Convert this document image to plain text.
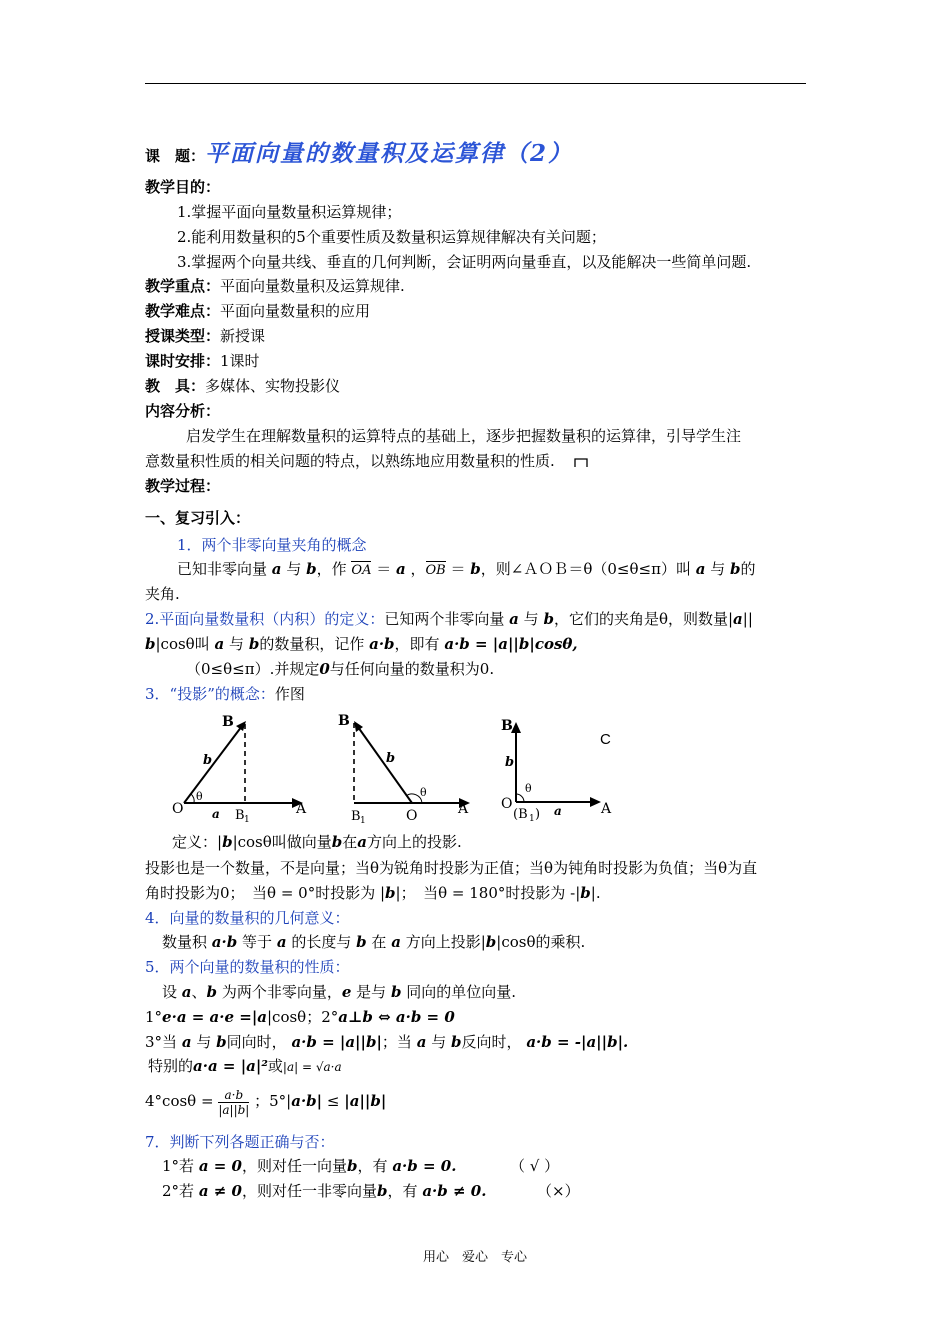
课　题：平面向量的数量积及运算律（2）
教学目的：
1.掌握平面向量数量积运算规律；
2.能利用数量积的5个重要性质及数量积运算规律解决有关问题；
3.掌握两个向量共线、垂直的几何判断，会证明两向量垂直，以及能解决一些简单问题.
教学重点：平面向量数量积及运算规律.
教学难点：平面向量数量积的应用
授课类型：新授课
课时安排：1课时
教　具：多媒体、实物投影仪
内容分析：
启发学生在理解数量积的运算特点的基础上，逐步把握数量积的运算律，引导学生注
意数量积性质的相关问题的特点，以熟练地应用数量积的性质.
教学过程：
一、复习引入：
1．两个非零向量夹角的概念
已知非零向量 a 与 b，作 OA ＝ a ，OB ＝ b，则∠ＡＯＢ＝θ（0≤θ≤π）叫 a 与 b的
夹角.
2.平面向量数量积（内积）的定义：已知两个非零向量 a 与 b，它们的夹角是θ，则数量|a||
b|cosθ叫 a 与 b的数量积，记作 a·b，即有 a·b = |a||b|cosθ,
（0≤θ≤π）.并规定0与任何向量的数量积为0.
3．“投影”的概念：作图
B
b
O
θ
a B 1
A
B
b
O
θ
B 1
A
B
b
O
θ
(B 1 ) a	A
C
定义：|b|cosθ叫做向量b在a方向上的投影.
投影也是一个数量，不是向量；当θ为锐角时投影为正值；当θ为钝角时投影为负值；当θ为直
角时投影为0；　当θ = 0°时投影为 |b|；　当θ = 180°时投影为 -|b|.
4．向量的数量积的几何意义：
数量积 a·b 等于 a 的长度与 b 在 a 方向上投影|b|cosθ的乘积.
5．两个向量的数量积的性质：
设 a、b 为两个非零向量，e 是与 b 同向的单位向量.
1°e·a = a·e =|a|cosθ；2°a⊥b ⇔ a·b = 0
3°当 a 与 b同向时， a·b = |a||b|；当 a 与 b反向时， a·b = -|a||b|.
特别的a·a = |a|²或|a| = √a·a
$4^\circ\cos\theta = \frac{a\cdot b}{|a||b|}$ ；5°|a·b| ≤ |a||b|
7．判断下列各题正确与否：
1°若 a = 0，则对任一向量b，有 a·b = 0.	（ √ ）
2°若 a ≠ 0，则对任一非零向量b，有 a·b ≠ 0.	（×）
用心　爱心　专心
